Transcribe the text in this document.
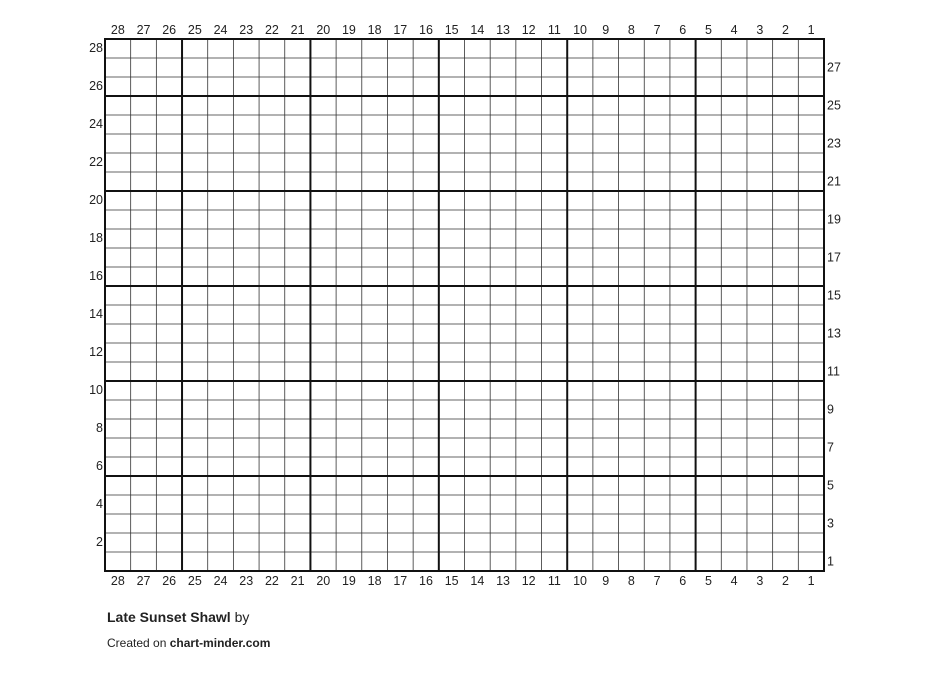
28 27 26 25 24 23 22 21 20 19 18 17 16 15 14 13 12 11 10 9 8 7 6 5 4 3 2 1
28 27 26 25 24 23 22 21 20 19 18 17 16 15 14 13 12 11 10 9 8 7 6 5 4 3 2 1
2
4
6
8
10
12
14
16
18
20
22
24
26
28
1
3
5
7
9
11
13
15
17
19
21
23
25
27
Late Sunset Shawl by
Created on chart-minder.com
